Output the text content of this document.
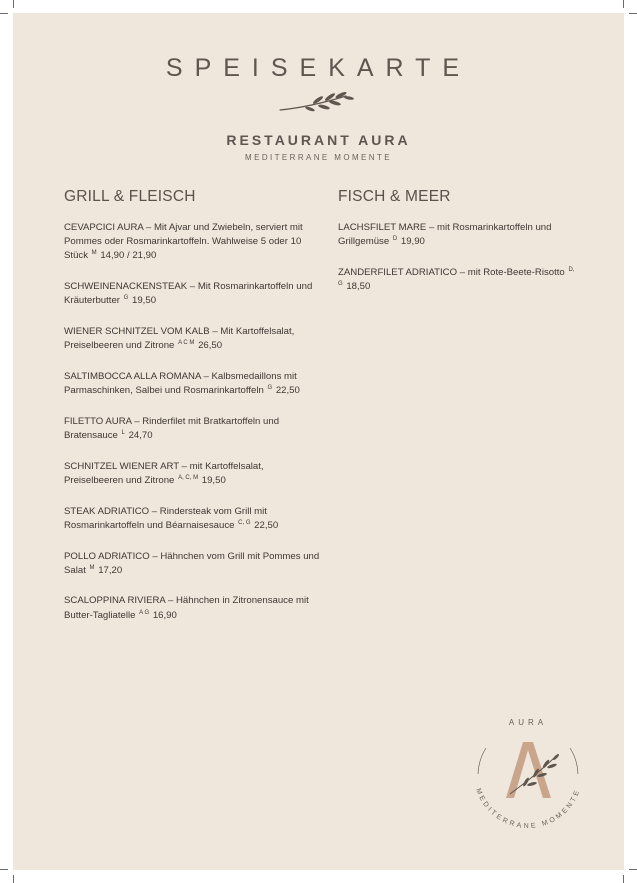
SPEISEKARTE
RESTAURANT AURA
MEDITERRANE MOMENTE
GRILL & FLEISCH
CEVAPCICI AURA – Mit Ajvar und Zwiebeln, serviert mit Pommes oder Rosmarinkartoffeln. Wahlweise 5 oder 10 Stück $^M$ 14,90 / 21,90
SCHWEINENACKENSTEAK – Mit Rosmarinkartoffeln und Kräuterbutter $^G$ 19,50
WIENER SCHNITZEL VOM KALB – Mit Kartoffelsalat, Preiselbeeren und Zitrone $^{A C M}$ 26,50
SALTIMBOCCA ALLA ROMANA – Kalbsmedaillons mit Parmaschinken, Salbei und Rosmarinkartoffeln $^G$ 22,50
FILETTO AURA – Rinderfilet mit Bratkartoffeln und Bratensauce $^L$ 24,70
SCHNITZEL WIENER ART – mit Kartoffelsalat, Preiselbeeren und Zitrone $^{A, C, M}$ 19,50
STEAK ADRIATICO – Rindersteak vom Grill mit Rosmarinkartoffeln und Béarnaisesauce $^{C, G}$ 22,50
POLLO ADRIATICO – Hähnchen vom Grill mit Pommes und Salat $^M$ 17,20
SCALOPPINA RIVIERA – Hähnchen in Zitronensauce mit Butter-Tagliatelle $^{A G}$ 16,90
FISCH & MEER
LACHSFILET MARE – mit Rosmarinkartoffeln und Grillgemüse $^D$ 19,90
ZANDERFILET ADRIATICO – mit Rote-Beete-Risotto $^{D, G}$ 18,50
AURA
MEDITERRANE MOMENTE
